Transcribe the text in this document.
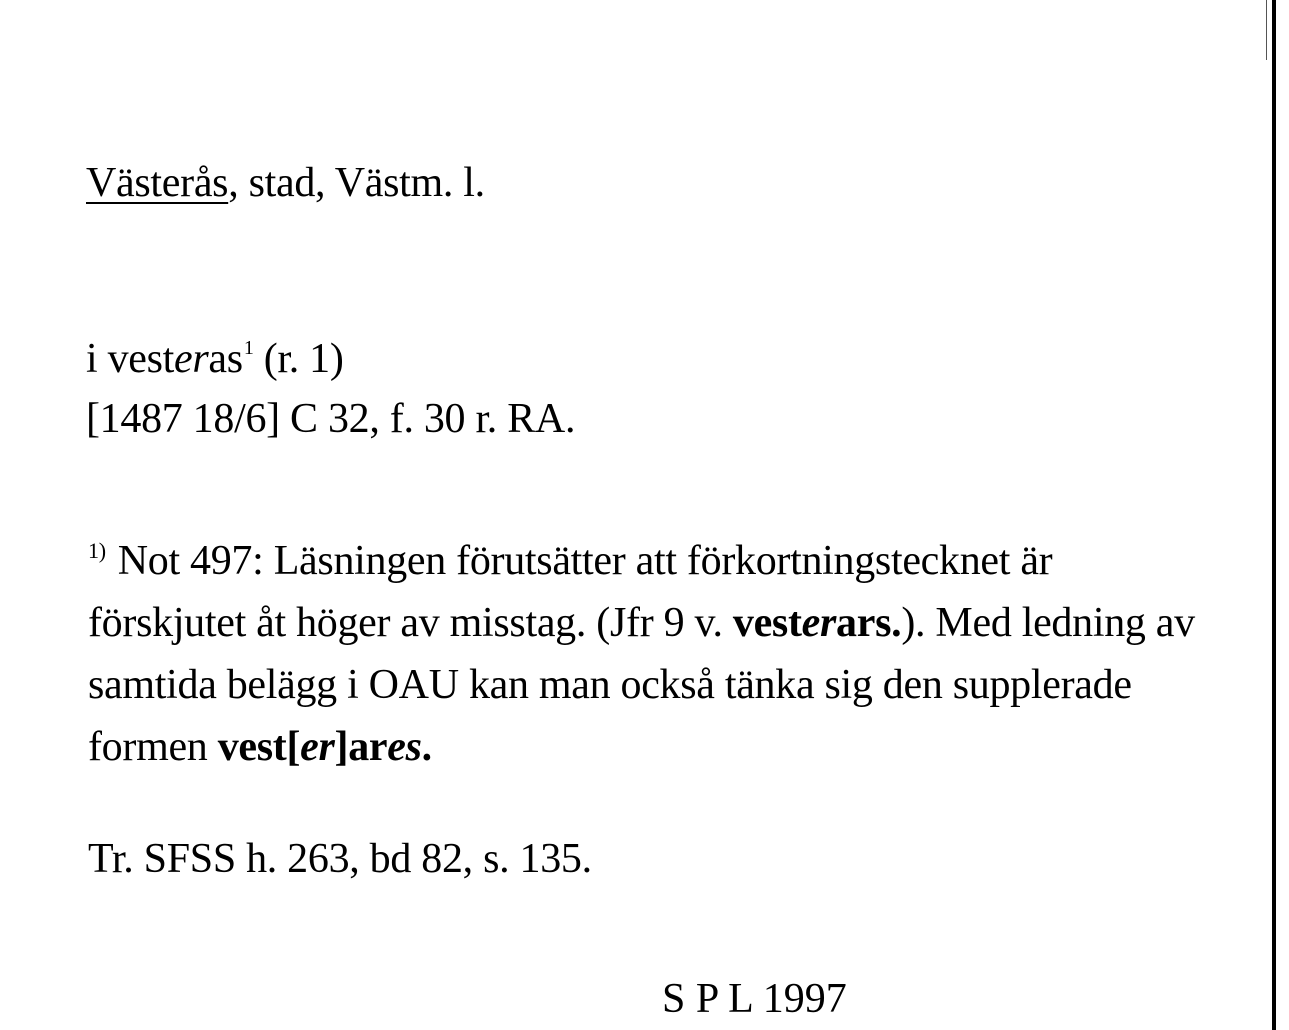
Västerås, stad, Västm. l.
i vesteras$^1$ (r. 1)
[1487 18/6] C 32, f. 30 r. RA.
$^{1)}$ Not 497: Läsningen förutsätter att förkortningstecknet är förskjutet åt höger av misstag. (Jfr 9 v. vesterars.). Med ledning av samtida belägg i OAU kan man också tänka sig den supplerade formen vest[er]ares.
Tr. SFSS h. 263, bd 82, s. 135.
S P L 1997
